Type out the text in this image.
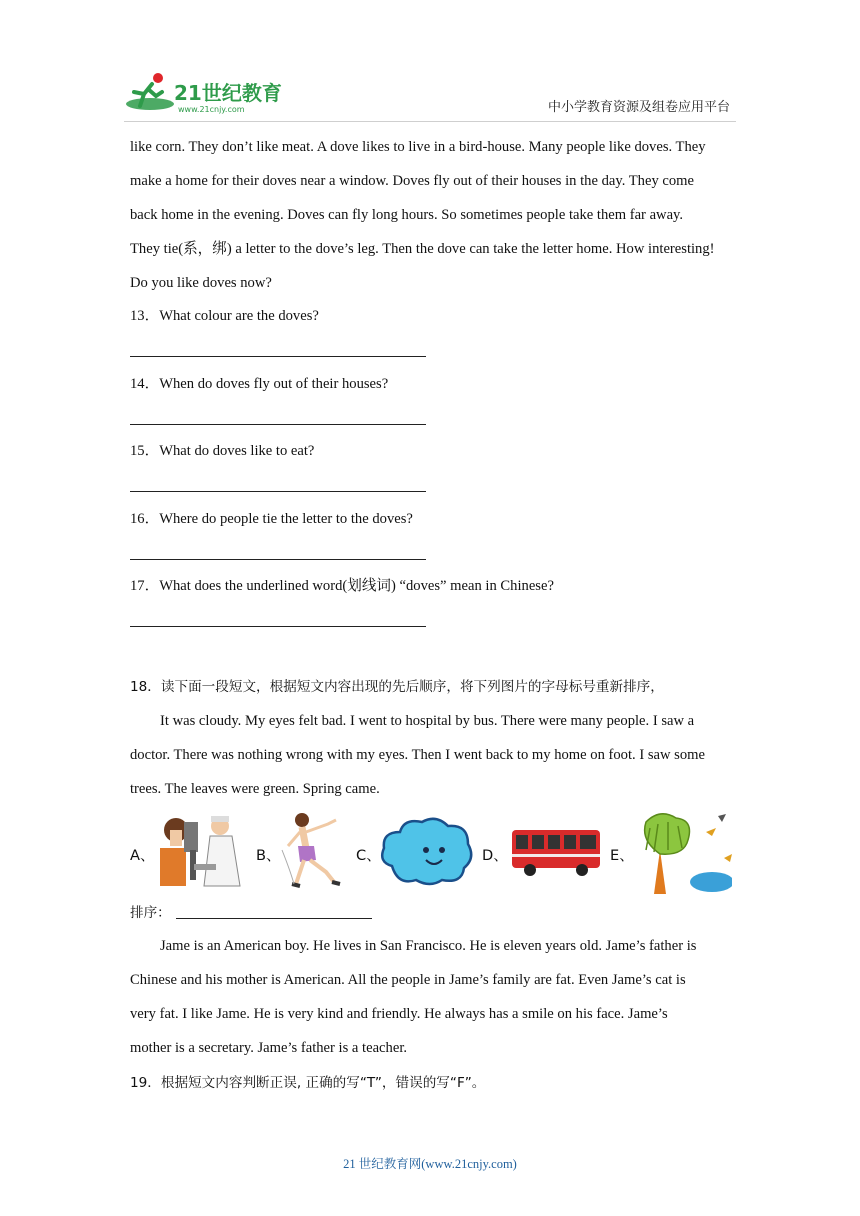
21世纪教育
www.21cnjy.com	中小学教育资源及组卷应用平台

like corn. They don’t like meat. A dove likes to live in a bird-house. Many people like doves. They

make a home for their doves near a window. Doves fly out of their houses in the day. They come

back home in the evening. Doves can fly long hours. So sometimes people take them far away.

They tie(系，绑) a letter to the dove’s leg. Then the dove can take the letter home. How interesting!

Do you like doves now?

13．What colour are the doves?
14．When do doves fly out of their houses?
15．What do doves like to eat?
16．Where do people tie the letter to the doves?
17．What does the underlined word(划线词) “doves” mean in Chinese?
18．读下面一段短文，根据短文内容出现的先后顺序，将下列图片的字母标号重新排序，

It was cloudy. My eyes felt bad. I went to hospital by bus. There were many people. I saw a

doctor. There was nothing wrong with my eyes. Then I went back to my home on foot. I saw some

trees. The leaves were green. Spring came.

A、	B、	C、	D、	E、
排序：

Jame is an American boy. He lives in San Francisco. He is eleven years old. Jame’s father is

Chinese and his mother is American. All the people in Jame’s family are fat. Even Jame’s cat is

very fat. I like Jame. He is very kind and friendly. He always has a smile on his face. Jame’s

mother is a secretary. Jame’s father is a teacher.

19．根据短文内容判断正误, 正确的写“T”，错误的写“F”。
21 世纪教育网(www.21cnjy.com)
